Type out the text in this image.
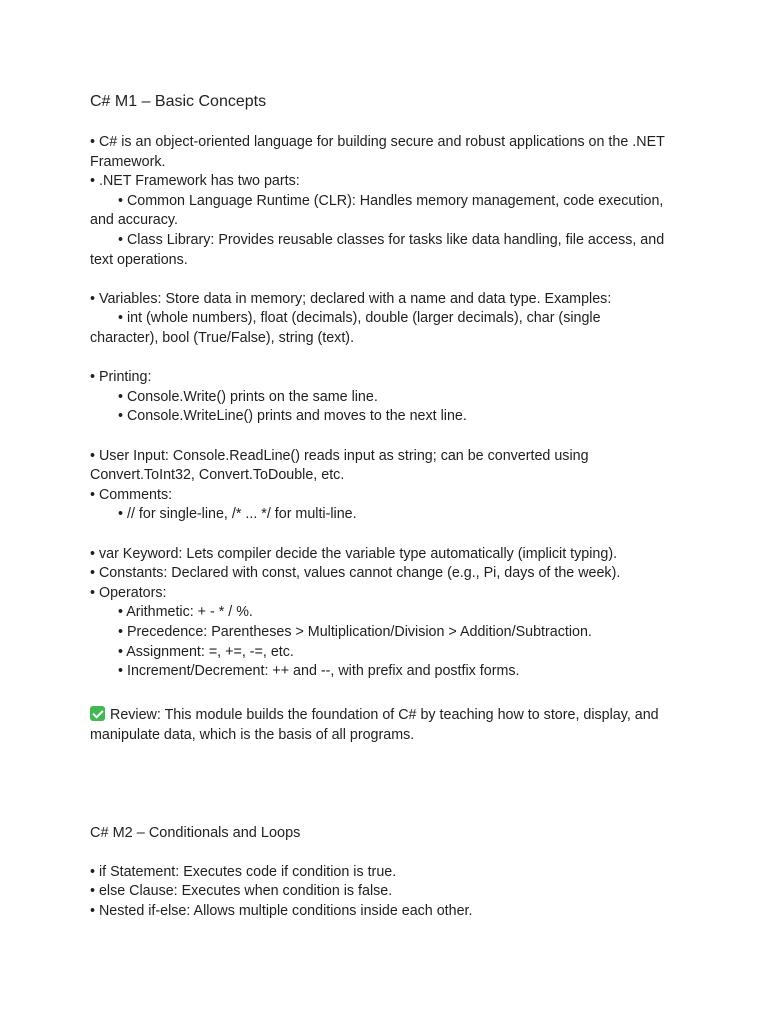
C# M1 – Basic Concepts
• C# is an object-oriented language for building secure and robust applications on the .NET
Framework.
• .NET Framework has two parts:
• Common Language Runtime (CLR): Handles memory management, code execution,
and accuracy.
• Class Library: Provides reusable classes for tasks like data handling, file access, and
text operations.
• Variables: Store data in memory; declared with a name and data type. Examples:
• int (whole numbers), float (decimals), double (larger decimals), char (single
character), bool (True/False), string (text).
• Printing:
• Console.Write() prints on the same line.
• Console.WriteLine() prints and moves to the next line.
• User Input: Console.ReadLine() reads input as string; can be converted using
Convert.ToInt32, Convert.ToDouble, etc.
• Comments:
• // for single-line, /* ... */ for multi-line.
• var Keyword: Lets compiler decide the variable type automatically (implicit typing).
• Constants: Declared with const, values cannot change (e.g., Pi, days of the week).
• Operators:
• Arithmetic: + - * / %.
• Precedence: Parentheses > Multiplication/Division > Addition/Subtraction.
• Assignment: =, +=, -=, etc.
• Increment/Decrement: ++ and --, with prefix and postfix forms.
Review: This module builds the foundation of C# by teaching how to store, display, and
manipulate data, which is the basis of all programs.
C# M2 – Conditionals and Loops
• if Statement: Executes code if condition is true.
• else Clause: Executes when condition is false.
• Nested if-else: Allows multiple conditions inside each other.
